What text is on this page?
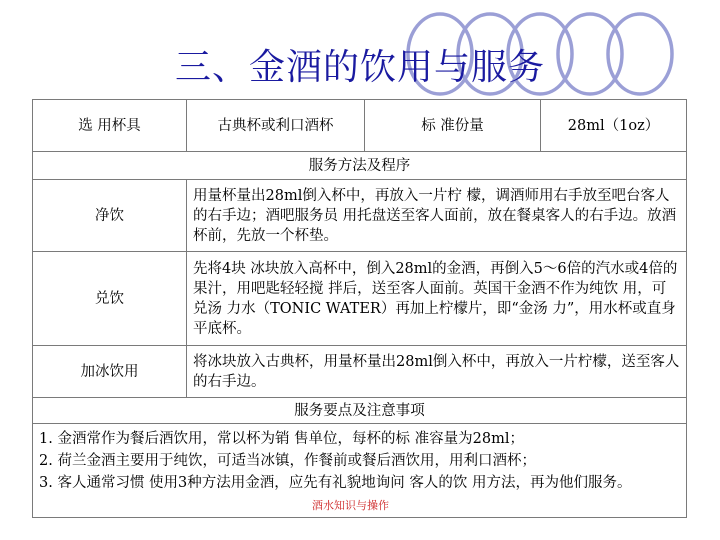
三、金酒的饮用与服务
选 用杯具	古典杯或利口酒杯	标 准份量	28ml（1oz）
服务方法及程序			
净饮	用量杯量出28ml倒入杯中，再放入一片柠 檬，调酒师用右手放至吧台客人的右手边；酒吧服务员 用托盘送至客人面前，放在餐桌客人的右手边。放酒杯前，先放一个杯垫。		
兑饮	先将4块 冰块放入高杯中，倒入28ml的金酒，再倒入5～6倍的汽水或4倍的果汁，用吧匙轻轻搅 拌后，送至客人面前。英国干金酒不作为纯饮 用，可兑汤 力水（TONIC WATER）再加上柠檬片，即“金汤 力”，用水杯或直身平底杯。		
加冰饮用	将冰块放入古典杯，用量杯量出28ml倒入杯中，再放入一片柠檬，送至客人的右手边。		
服务要点及注意事项			

1. 金酒常作为餐后酒饮用，常以杯为销 售单位，每杯的标 准容量为28ml；

2. 荷兰金酒主要用于纯饮，可适当冰镇，作餐前或餐后酒饮用，用利口酒杯；

3. 客人通常习惯 使用3种方法用金酒，应先有礼貌地询问 客人的饮 用方法，再为他们服务。			

酒水知识与操作
